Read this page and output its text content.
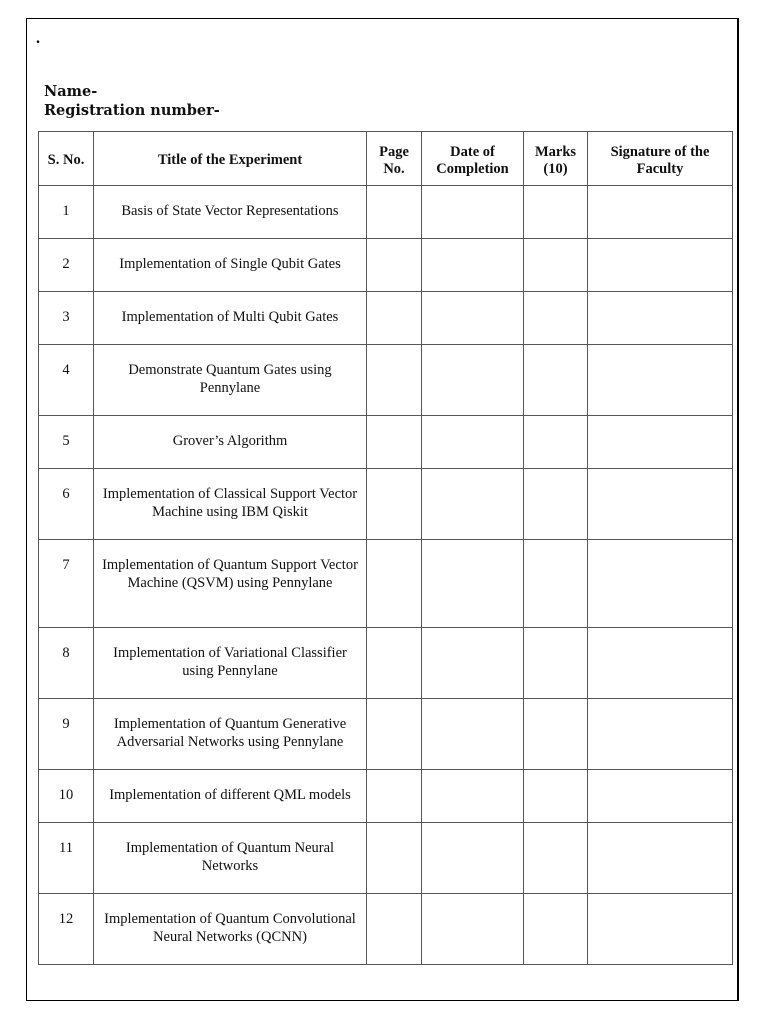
.
Name-
Registration number-
S. No.	Title of the Experiment	Page No.	Date of Completion	Marks (10)	Signature of the Faculty
1	Basis of State Vector Representations				
2	Implementation of Single Qubit Gates				
3	Implementation of Multi Qubit Gates				
4	Demonstrate Quantum Gates using Pennylane				
5	Grover’s Algorithm				
6	Implementation of Classical Support Vector Machine using IBM Qiskit				
7	Implementation of Quantum Support Vector Machine (QSVM) using Pennylane				
8	Implementation of Variational Classifier using Pennylane				
9	Implementation of Quantum Generative Adversarial Networks using Pennylane				
10	Implementation of different QML models				
11	Implementation of Quantum Neural Networks				
12	Implementation of Quantum Convolutional Neural Networks (QCNN)				
